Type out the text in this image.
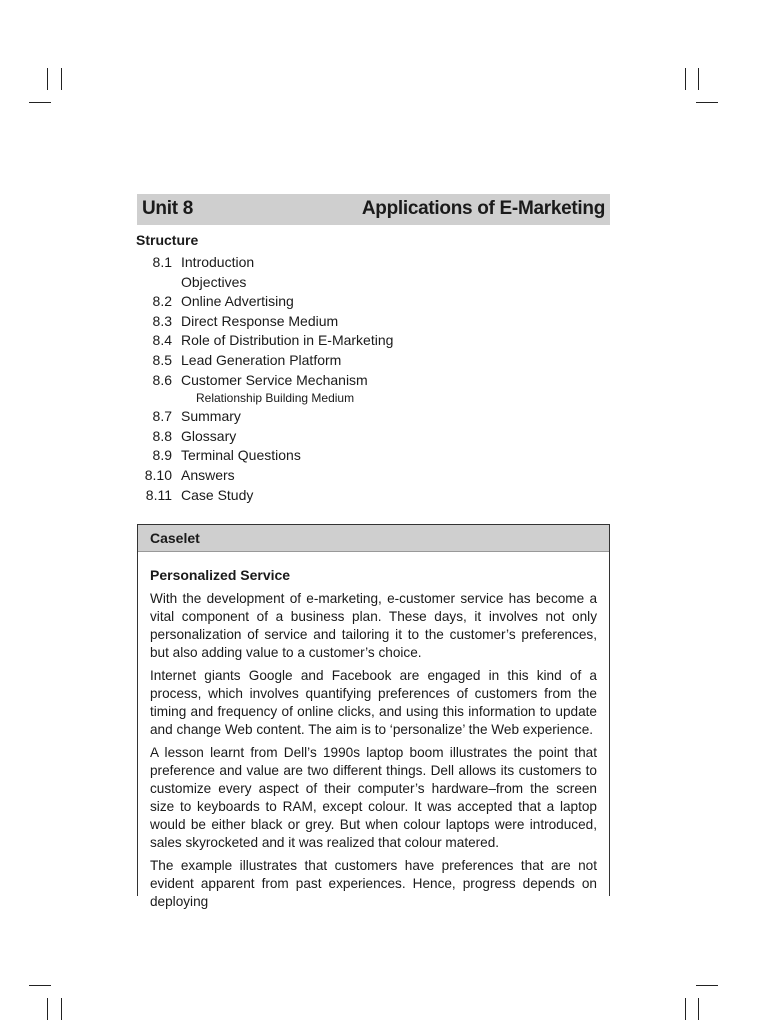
Unit 8	Applications of E-Marketing
Structure
8.1 Introduction
Objectives
8.2 Online Advertising
8.3 Direct Response Medium
8.4 Role of Distribution in E-Marketing
8.5 Lead Generation Platform
8.6 Customer Service Mechanism
Relationship Building Medium
8.7 Summary
8.8 Glossary
8.9 Terminal Questions
8.10 Answers
8.11 Case Study
Caselet
Personalized Service

With the development of e-marketing, e-customer service has become a vital component of a business plan. These days, it involves not only personalization of service and tailoring it to the customer’s preferences, but also adding value to a customer’s choice.

Internet giants Google and Facebook are engaged in this kind of a process, which involves quantifying preferences of customers from the timing and frequency of online clicks, and using this information to update and change Web content. The aim is to ‘personalize’ the Web experience.

A lesson learnt from Dell’s 1990s laptop boom illustrates the point that preference and value are two different things. Dell allows its customers to customize every aspect of their computer’s hardware–from the screen size to keyboards to RAM, except colour. It was accepted that a laptop would be either black or grey. But when colour laptops were introduced, sales skyrocketed and it was realized that colour matered.

The example illustrates that customers have preferences that are not evident apparent from past experiences. Hence, progress depends on deploying
